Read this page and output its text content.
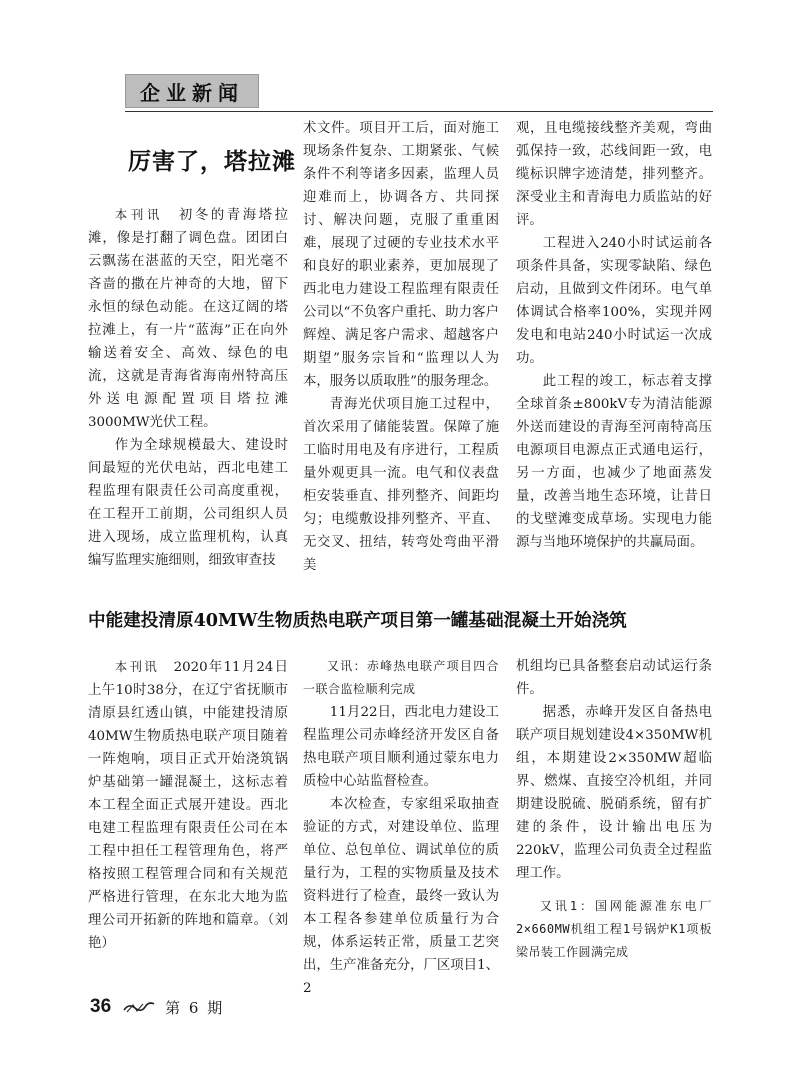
企业新闻
厉害了，塔拉滩

本刊讯　 初冬的青海塔拉滩，像是打翻了调色盘。团团白云飘荡在湛蓝的天空，阳光毫不吝啬的撒在片神奇的大地，留下永恒的绿色动能。在这辽阔的塔拉滩上，有一片“蓝海”正在向外输送着安全、高效、绿色的电流，这就是青海省海南州特高压外送电源配置项目塔拉滩3000MW光伏工程。

作为全球规模最大、建设时间最短的光伏电站，西北电建工程监理有限责任公司高度重视，在工程开工前期，公司组织人员进入现场，成立监理机构，认真编写监理实施细则，细致审查技

术文件。项目开工后，面对施工现场条件复杂、工期紧张、气候条件不利等诸多因素，监理人员迎难而上，协调各方、共同探讨、解决问题，克服了重重困难，展现了过硬的专业技术水平和良好的职业素养，更加展现了西北电力建设工程监理有限责任公司以“不负客户重托、助力客户辉煌、满足客户需求、超越客户期望”服务宗旨和“监理以人为本，服务以质取胜”的服务理念。

青海光伏项目施工过程中，首次采用了储能装置。保障了施工临时用电及有序进行，工程质量外观更具一流。电气和仪表盘柜安装垂直、排列整齐、间距均匀；电缆敷设排列整齐、平直、无交叉、扭结，转弯处弯曲平滑美

观，且电缆接线整齐美观，弯曲弧保持一致，芯线间距一致，电缆标识牌字迹清楚，排列整齐。深受业主和青海电力质监站的好评。

工程进入240小时试运前各项条件具备，实现零缺陷、绿色启动，且做到文件闭环。电气单体调试合格率100%，实现并网发电和电站240小时试运一次成功。

此工程的竣工，标志着支撑全球首条±800kV专为清洁能源外送而建设的青海至河南特高压电源项目电源点正式通电运行，另一方面，也减少了地面蒸发量，改善当地生态环境，让昔日的戈壁滩变成草场。实现电力能源与当地环境保护的共赢局面。

中能建投清原40MW生物质热电联产项目第一罐基础混凝土开始浇筑

本刊讯　 2020年11月24日上午10时38分，在辽宁省抚顺市清原县红透山镇，中能建投清原40MW生物质热电联产项目随着一阵炮响，项目正式开始浇筑锅炉基础第一罐混凝土，这标志着本工程全面正式展开建设。西北电建工程监理有限责任公司在本工程中担任工程管理角色，将严格按照工程管理合同和有关规范严格进行管理，在东北大地为监理公司开拓新的阵地和篇章。（刘艳）

又讯：赤峰热电联产项目四合一联合监检顺利完成

11月22日，西北电力建设工程监理公司赤峰经济开发区自备热电联产项目顺利通过蒙东电力质检中心站监督检查。

本次检查，专家组采取抽查验证的方式，对建设单位、监理单位、总包单位、调试单位的质量行为，工程的实物质量及技术资料进行了检查，最终一致认为本工程各参建单位质量行为合规，体系运转正常，质量工艺突出，生产准备充分，厂区项目1、2

机组均已具备整套启动试运行条件。

据悉，赤峰开发区自备热电联产项目规划建设4×350MW机组，本期建设2×350MW超临界、燃煤、直接空冷机组，并同期建设脱硫、脱硝系统，留有扩建的条件，设计输出电压为220kV，监理公司负责全过程监理工作。

又讯1：国网能源准东电厂2×660MW机组工程1号锅炉K1项板梁吊装工作圆满完成

36	第 6 期
